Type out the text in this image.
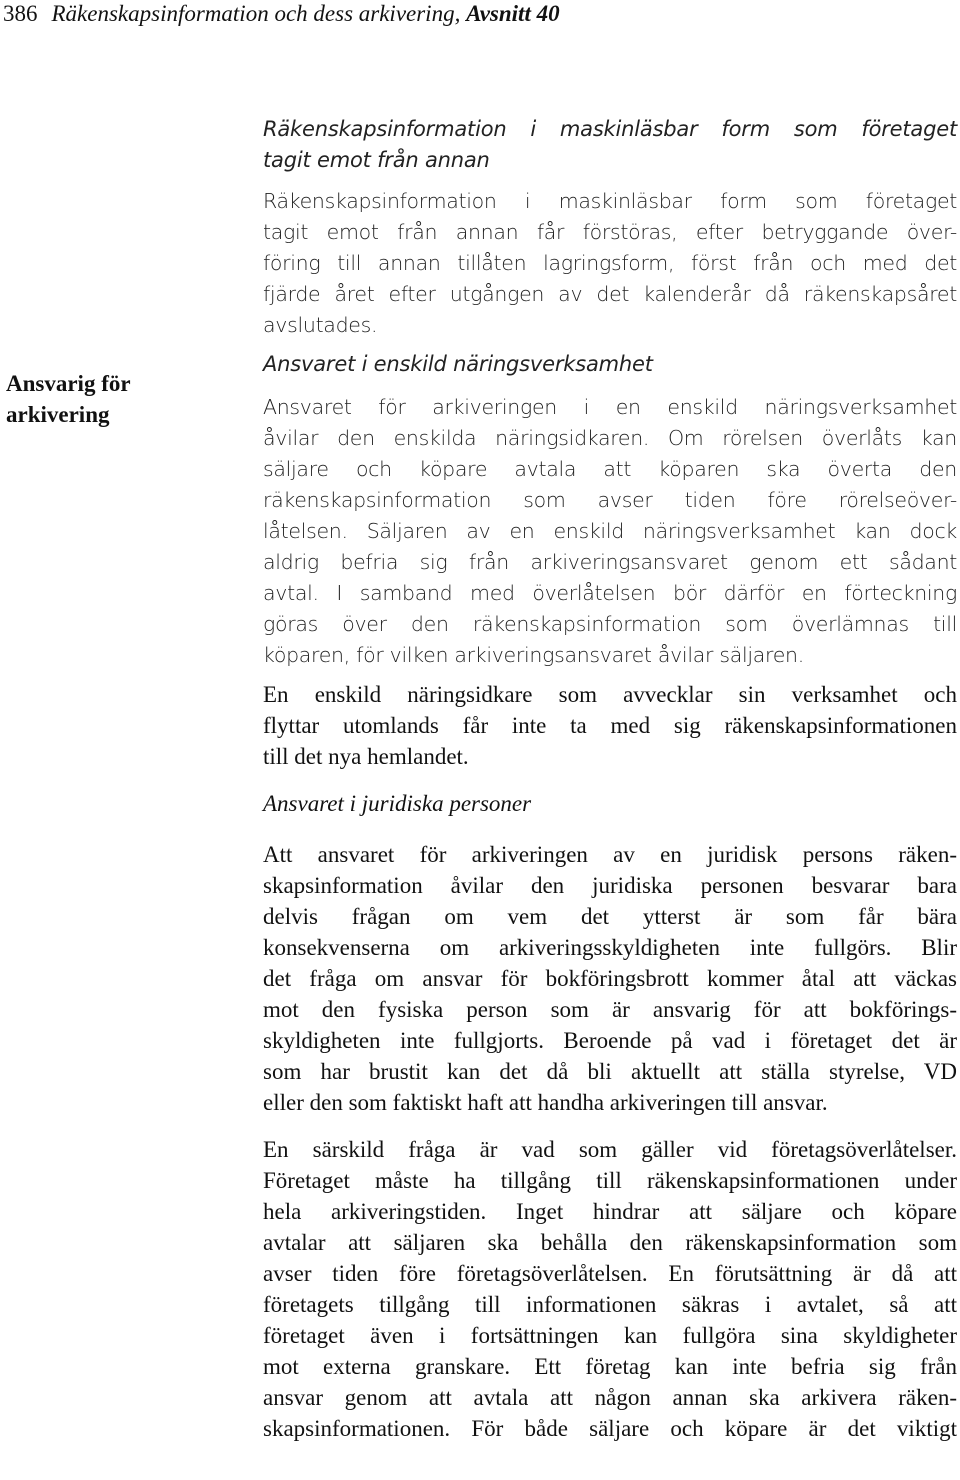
386 Räkenskapsinformation och dess arkivering, Avsnitt 40
Ansvarig för
arkivering
Räkenskapsinformation i maskinläsbar form som företaget
tagit emot från annan
Räkenskapsinformation i maskinläsbar form som företaget
tagit emot från annan får förstöras, efter betryggande över-
föring till annan tillåten lagringsform, först från och med det
fjärde året efter utgången av det kalenderår då räkenskapsåret
avslutades.
Ansvaret i enskild näringsverksamhet
Ansvaret för arkiveringen i en enskild näringsverksamhet
åvilar den enskilda näringsidkaren. Om rörelsen överlåts kan
säljare och köpare avtala att köparen ska överta den
räkenskapsinformation som avser tiden före rörelseöver-
låtelsen. Säljaren av en enskild näringsverksamhet kan dock
aldrig befria sig från arkiveringsansvaret genom ett sådant
avtal. I samband med överlåtelsen bör därför en förteckning
göras över den räkenskapsinformation som överlämnas till
köparen, för vilken arkiveringsansvaret åvilar säljaren.
En enskild näringsidkare som avvecklar sin verksamhet och
flyttar utomlands får inte ta med sig räkenskapsinformationen
till det nya hemlandet.
Ansvaret i juridiska personer
Att ansvaret för arkiveringen av en juridisk persons räken-
skapsinformation åvilar den juridiska personen besvarar bara
delvis frågan om vem det ytterst är som får bära
konsekvenserna om arkiveringsskyldigheten inte fullgörs. Blir
det fråga om ansvar för bokföringsbrott kommer åtal att väckas
mot den fysiska person som är ansvarig för att bokförings-
skyldigheten inte fullgjorts. Beroende på vad i företaget det är
som har brustit kan det då bli aktuellt att ställa styrelse, VD
eller den som faktiskt haft att handha arkiveringen till ansvar.
En särskild fråga är vad som gäller vid företagsöverlåtelser.
Företaget måste ha tillgång till räkenskapsinformationen under
hela arkiveringstiden. Inget hindrar att säljare och köpare
avtalar att säljaren ska behålla den räkenskapsinformation som
avser tiden före företagsöverlåtelsen. En förutsättning är då att
företagets tillgång till informationen säkras i avtalet, så att
företaget även i fortsättningen kan fullgöra sina skyldigheter
mot externa granskare. Ett företag kan inte befria sig från
ansvar genom att avtala att någon annan ska arkivera räken-
skapsinformationen. För både säljare och köpare är det viktigt
